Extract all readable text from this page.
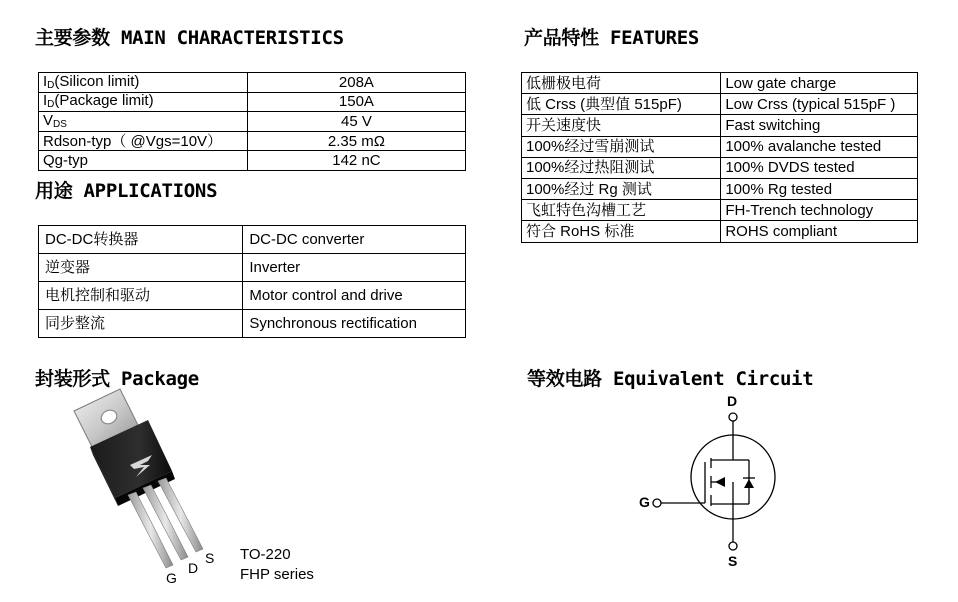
主要参数 MAIN CHARACTERISTICS	产品特性 FEATURES
用途 APPLICATIONS
封装形式 Package	等效电路 Equivalent Circuit
$I_D(Silicon$ limit)	208A
$I_D(Package$ limit)	150A
$V_{DS}$	45 V
Rdson-typ（ @Vgs=10V）	2.35 mΩ
Qg-typ	142 nC
低栅极电荷	Low gate charge
低 Crss (典型值 515pF)	Low Crss (typical 515pF )
开关速度快	Fast switching
100%经过雪崩测试	100% avalanche tested
100%经过热阻测试	100% DVDS tested
100%经过 Rg 测试	100% Rg tested
飞虹特色沟槽工艺	FH-Trench technology
符合 RoHS 标准	ROHS compliant
DC-DC转换器	DC-DC converter
逆变器	Inverter
电机控制和驱动	Motor control and drive
同步整流	Synchronous rectification
G
D
S TO-220
FHP series
D
G
S
